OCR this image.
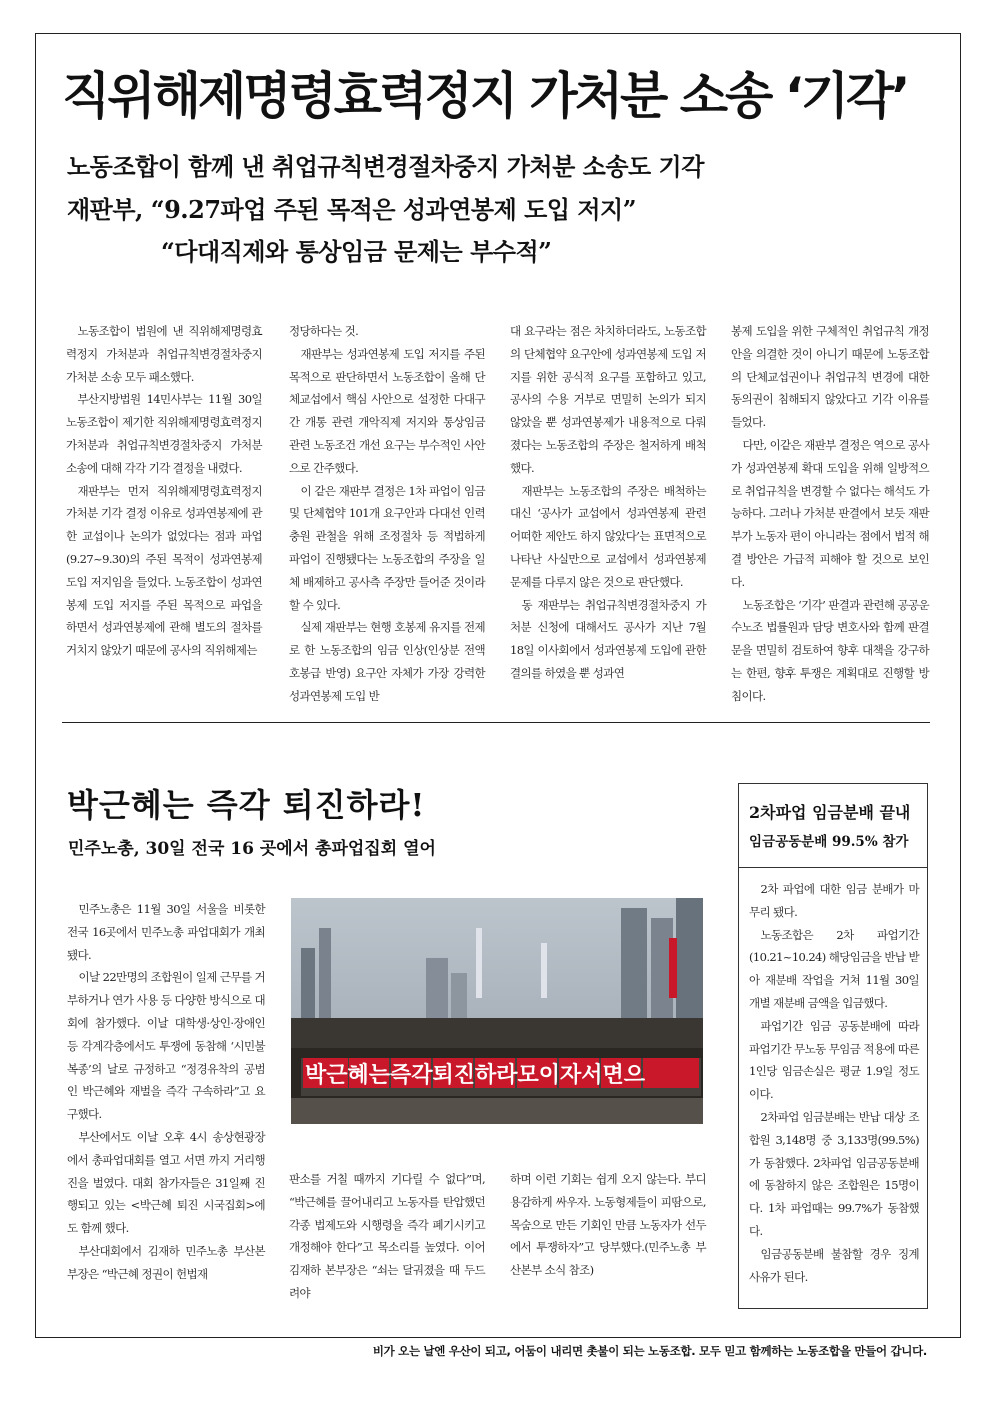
직위해제명령효력정지 가처분 소송 ‘기각’
노동조합이 함께 낸 취업규칙변경절차중지 가처분 소송도 기각
재판부, “9.27파업 주된 목적은 성과연봉제 도입 저지”
“다대직제와 통상임금 문제는 부수적”

노동조합이 법원에 낸 직위해제명령효력정지 가처분과 취업규칙변경절차중지 가처분 소송 모두 패소했다.

부산지방법원 14민사부는 11월 30일 노동조합이 제기한 직위해제명령효력정지 가처분과 취업규칙변경절차중지 가처분 소송에 대해 각각 기각 결정을 내렸다.

재판부는 먼저 직위해제명령효력정지 가처분 기각 결정 이유로 성과연봉제에 관한 교섭이나 논의가 없었다는 점과 파업(9.27~9.30)의 주된 목적이 성과연봉제 도입 저지임을 들었다. 노동조합이 성과연봉제 도입 저지를 주된 목적으로 파업을 하면서 성과연봉제에 관해 별도의 절차를 거치지 않았기 때문에 공사의 직위해제는

정당하다는 것.

재판부는 성과연봉제 도입 저지를 주된 목적으로 판단하면서 노동조합이 올해 단체교섭에서 핵심 사안으로 설정한 다대구간 개통 관련 개악직제 저지와 통상임금 관련 노동조건 개선 요구는 부수적인 사안으로 간주했다.

이 같은 재판부 결정은 1차 파업이 임금 및 단체협약 101개 요구안과 다대선 인력충원 관철을 위해 조정절차 등 적법하게 파업이 진행됐다는 노동조합의 주장을 일체 배제하고 공사측 주장만 들어준 것이라 할 수 있다.

실제 재판부는 현행 호봉제 유지를 전제로 한 노동조합의 임금 인상(인상분 전액 호봉급 반영) 요구안 자체가 가장 강력한 성과연봉제 도입 반

대 요구라는 점은 차치하더라도, 노동조합의 단체협약 요구안에 성과연봉제 도입 저지를 위한 공식적 요구를 포함하고 있고, 공사의 수용 거부로 면밀히 논의가 되지 않았을 뿐 성과연봉제가 내용적으로 다뤄졌다는 노동조합의 주장은 철저하게 배척했다.

재판부는 노동조합의 주장은 배척하는 대신 ‘공사가 교섭에서 성과연봉제 관련 어떠한 제안도 하지 않았다’는 표면적으로 나타난 사실만으로 교섭에서 성과연봉제 문제를 다루지 않은 것으로 판단했다.

동 재판부는 취업규칙변경절차중지 가처분 신청에 대해서도 공사가 지난 7월 18일 이사회에서 성과연봉제 도입에 관한 결의를 하였을 뿐 성과연

봉제 도입을 위한 구체적인 취업규칙 개정안을 의결한 것이 아니기 때문에 노동조합의 단체교섭권이나 취업규칙 변경에 대한 동의권이 침해되지 않았다고 기각 이유를 들었다.

다만, 이같은 재판부 결정은 역으로 공사가 성과연봉제 확대 도입을 위해 일방적으로 취업규칙을 변경할 수 없다는 해석도 가능하다. 그러나 가처분 판결에서 보듯 재판부가 노동자 편이 아니라는 점에서 법적 해결 방안은 가급적 피해야 할 것으로 보인다.

노동조합은 ‘기각’ 판결과 관련해 공공운수노조 법률원과 담당 변호사와 함께 판결문을 면밀히 검토하여 향후 대책을 강구하는 한편, 향후 투쟁은 계획대로 진행할 방침이다.

박근혜는 즉각 퇴진하라!
민주노총, 30일 전국 16 곳에서 총파업집회 열어

민주노총은 11월 30일 서울을 비롯한 전국 16곳에서 민주노총 파업대회가 개최됐다.

이날 22만명의 조합원이 일제 근무를 거부하거나 연가 사용 등 다양한 방식으로 대회에 참가했다. 이날 대학생·상인·장애인 등 각계각층에서도 투쟁에 동참해 ‘시민불복종’의 날로 규정하고 “정경유착의 공범인 박근혜와 재벌을 즉각 구속하라”고 요구했다.

부산에서도 이날 오후 4시 송상현광장에서 총파업대회를 열고 서면 까지 거리행진을 벌였다. 대회 참가자들은 31일째 진행되고 있는 <박근혜 퇴진 시국집회>에도 함께 했다.

부산대회에서 김재하 민주노총 부산본부장은 “박근혜 정권이 헌법재

박근혜는즉각퇴진하라모이자서면으

판소를 거칠 때까지 기다릴 수 없다”며, “박근혜를 끌어내리고 노동자를 탄압했던 각종 법제도와 시행령을 즉각 폐기시키고 개정해야 한다”고 목소리를 높였다. 이어 김재하 본부장은 “쇠는 달궈졌을 때 두드려야

하며 이런 기회는 쉽게 오지 않는다. 부디 용감하게 싸우자. 노동형제들이 피땀으로, 목숨으로 만든 기회인 만큼 노동자가 선두에서 투쟁하자”고 당부했다.(민주노총 부산본부 소식 참조)

2차파업 임금분배 끝내
임금공동분배 99.5% 참가

2차 파업에 대한 임금 분배가 마무리 됐다.

노동조합은 2차 파업기간(10.21~10.24) 해당임금을 반납 받아 재분배 작업을 거쳐 11월 30일 개별 재분배 금액을 입금했다.

파업기간 임금 공동분배에 따라 파업기간 무노동 무임금 적용에 따른 1인당 임금손실은 평균 1.9일 정도이다.

2차파업 임금분배는 반납 대상 조합원 3,148명 중 3,133명(99.5%)가 동참했다. 2차파업 임금공동분배에 동참하지 않은 조합원은 15명이다. 1차 파업때는 99.7%가 동참했다.

임금공동분배 불참할 경우 징계 사유가 된다.

비가 오는 날엔 우산이 되고, 어둠이 내리면 촛불이 되는 노동조합. 모두 믿고 함께하는 노동조합을 만들어 갑니다.
